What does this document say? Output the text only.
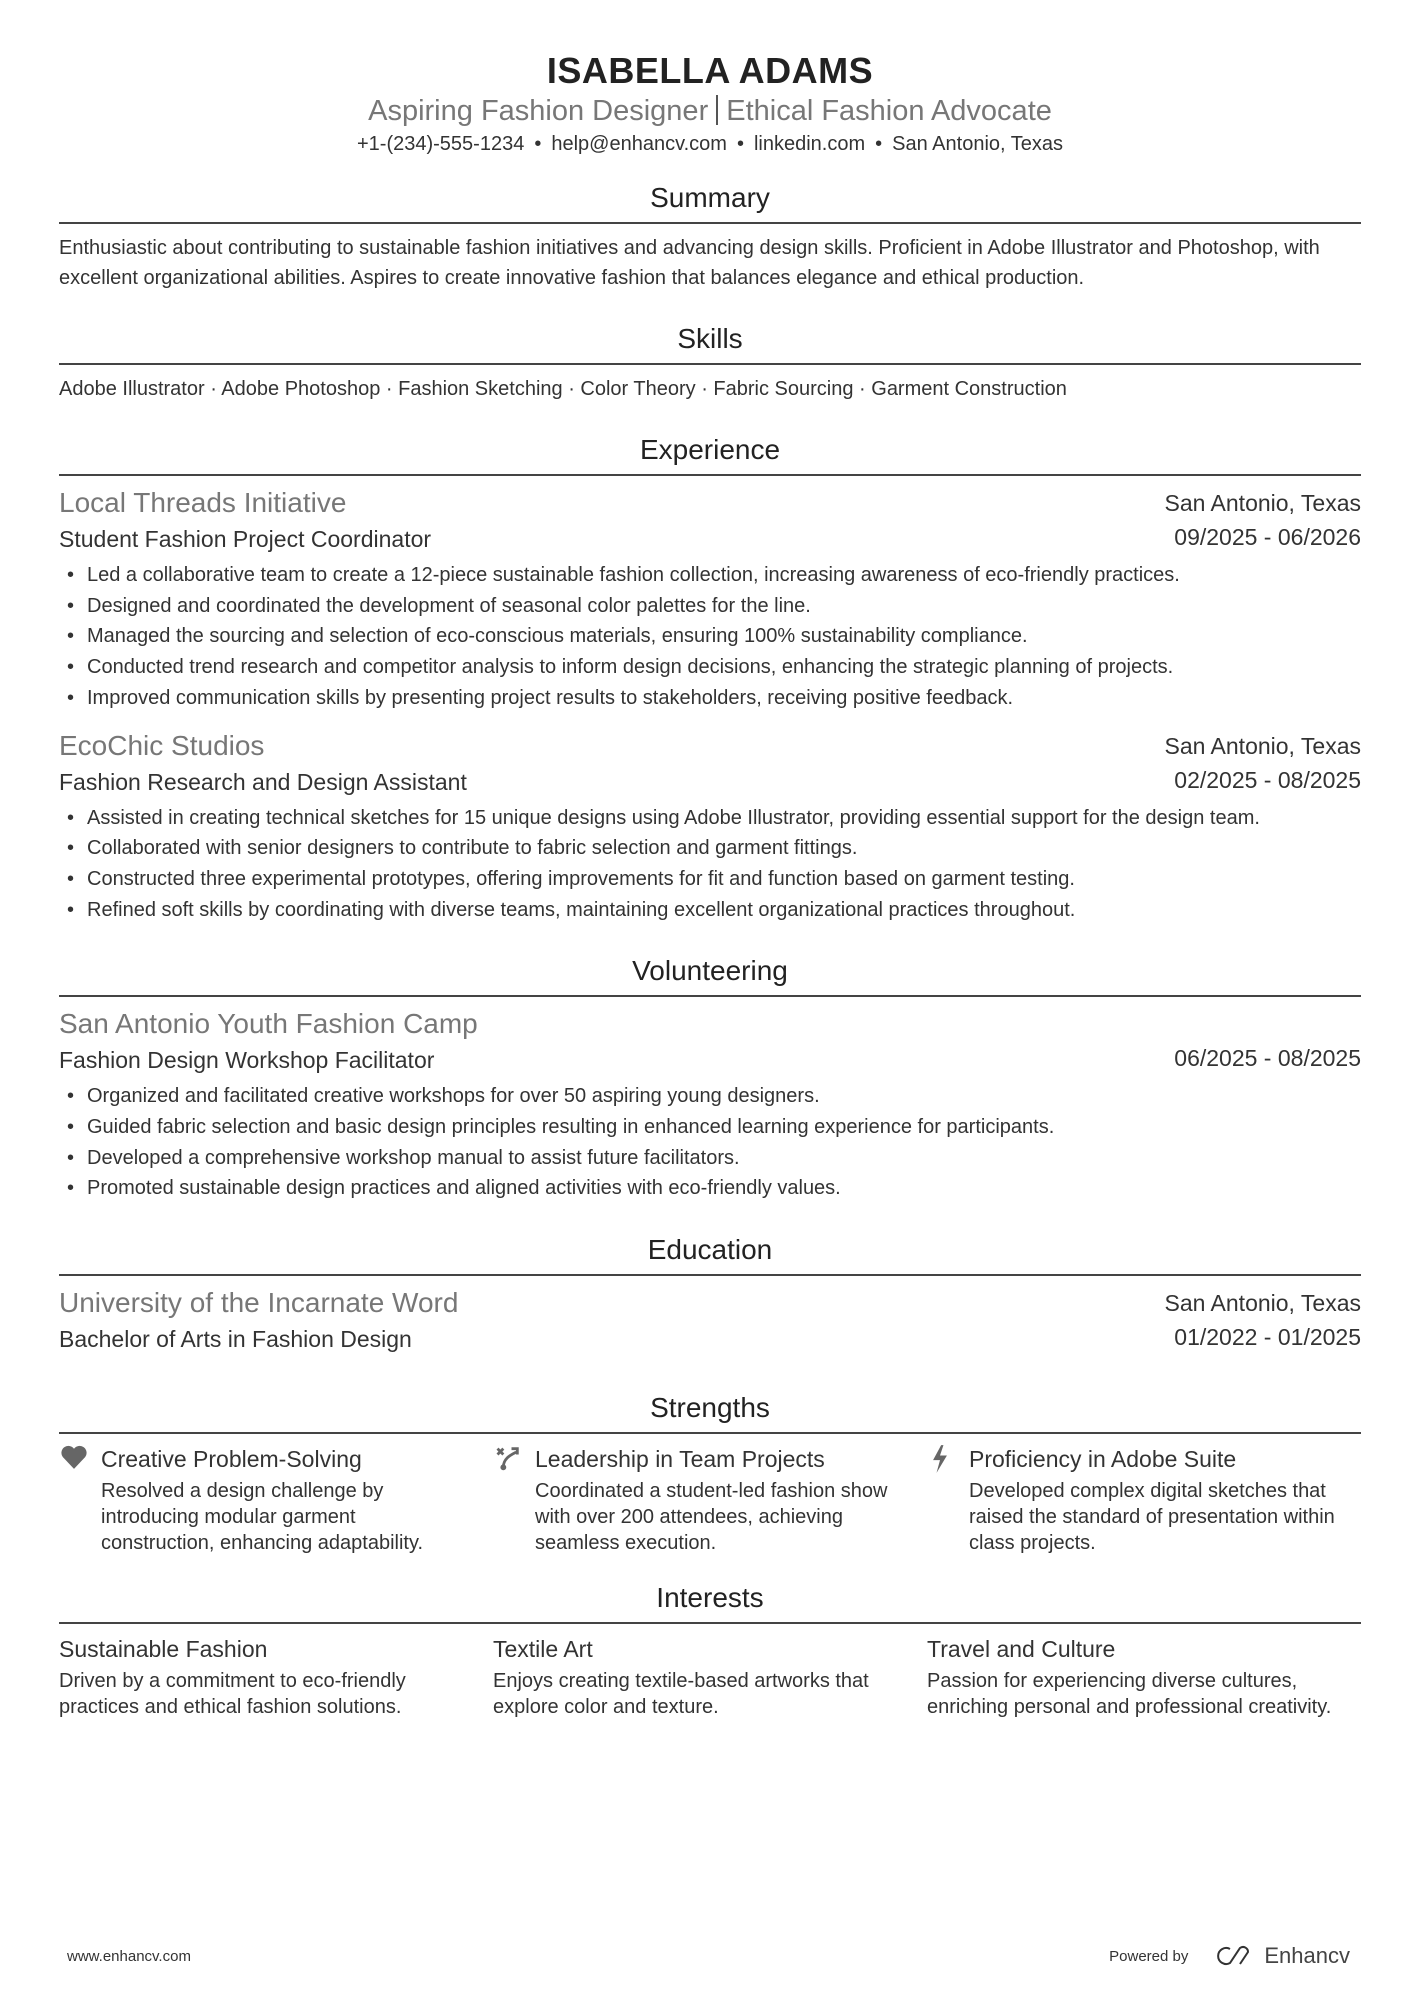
ISABELLA ADAMS
Aspiring Fashion Designer Ethical Fashion Advocate
+1-(234)-555-1234 • help@enhancv.com • linkedin.com • San Antonio, Texas
Summary
Enthusiastic about contributing to sustainable fashion initiatives and advancing design skills. Proficient in Adobe Illustrator and Photoshop, with excellent organizational abilities. Aspires to create innovative fashion that balances elegance and ethical production.
Skills
Adobe Illustrator · Adobe Photoshop · Fashion Sketching · Color Theory · Fabric Sourcing · Garment Construction
Experience
Local Threads Initiative	San Antonio, Texas
Student Fashion Project Coordinator	09/2025 - 06/2026
• Led a collaborative team to create a 12-piece sustainable fashion collection, increasing awareness of eco-friendly practices.
• Designed and coordinated the development of seasonal color palettes for the line.
• Managed the sourcing and selection of eco-conscious materials, ensuring 100% sustainability compliance.
• Conducted trend research and competitor analysis to inform design decisions, enhancing the strategic planning of projects.
• Improved communication skills by presenting project results to stakeholders, receiving positive feedback.
EcoChic Studios	San Antonio, Texas
Fashion Research and Design Assistant	02/2025 - 08/2025
• Assisted in creating technical sketches for 15 unique designs using Adobe Illustrator, providing essential support for the design team.
• Collaborated with senior designers to contribute to fabric selection and garment fittings.
• Constructed three experimental prototypes, offering improvements for fit and function based on garment testing.
• Refined soft skills by coordinating with diverse teams, maintaining excellent organizational practices throughout.
Volunteering
San Antonio Youth Fashion Camp
Fashion Design Workshop Facilitator	06/2025 - 08/2025
• Organized and facilitated creative workshops for over 50 aspiring young designers.
• Guided fabric selection and basic design principles resulting in enhanced learning experience for participants.
• Developed a comprehensive workshop manual to assist future facilitators.
• Promoted sustainable design practices and aligned activities with eco-friendly values.
Education
University of the Incarnate Word	San Antonio, Texas
Bachelor of Arts in Fashion Design	01/2022 - 01/2025
Strengths
Creative Problem-Solving
Resolved a design challenge by introducing modular garment construction, enhancing adaptability.
Leadership in Team Projects
Coordinated a student-led fashion show with over 200 attendees, achieving seamless execution.
Proficiency in Adobe Suite
Developed complex digital sketches that raised the standard of presentation within class projects.
Interests
Sustainable Fashion
Driven by a commitment to eco-friendly practices and ethical fashion solutions.
Textile Art
Enjoys creating textile-based artworks that explore color and texture.
Travel and Culture
Passion for experiencing diverse cultures, enriching personal and professional creativity.
www.enhancv.com	Powered by	Enhancv
